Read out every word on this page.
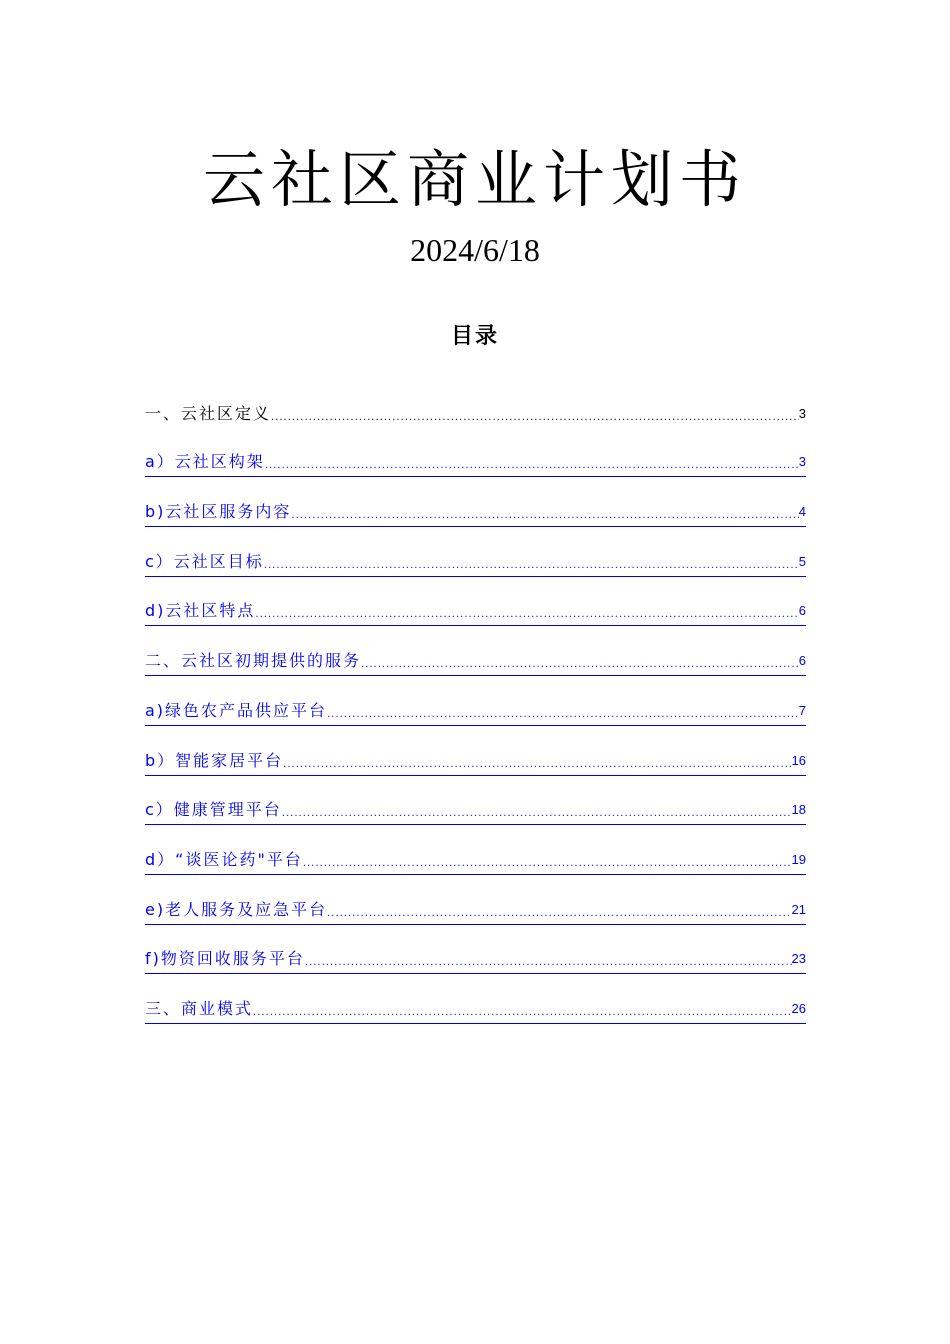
云社区商业计划书
2024/6/18
目录
一、云社区定义 .....	3
a）云社区构架 .....	3
b)云社区服务内容 .....	4
c）云社区目标 .....	5
d)云社区特点 .....	6
二、云社区初期提供的服务 .....	6
a)绿色农产品供应平台 .....	7
b）智能家居平台 .....	16
c）健康管理平台 .....	18
d）“谈医论药"平台 .....	19
e)老人服务及应急平台 .....	21
f)物资回收服务平台 .....	23
三、商业模式 .....	26
